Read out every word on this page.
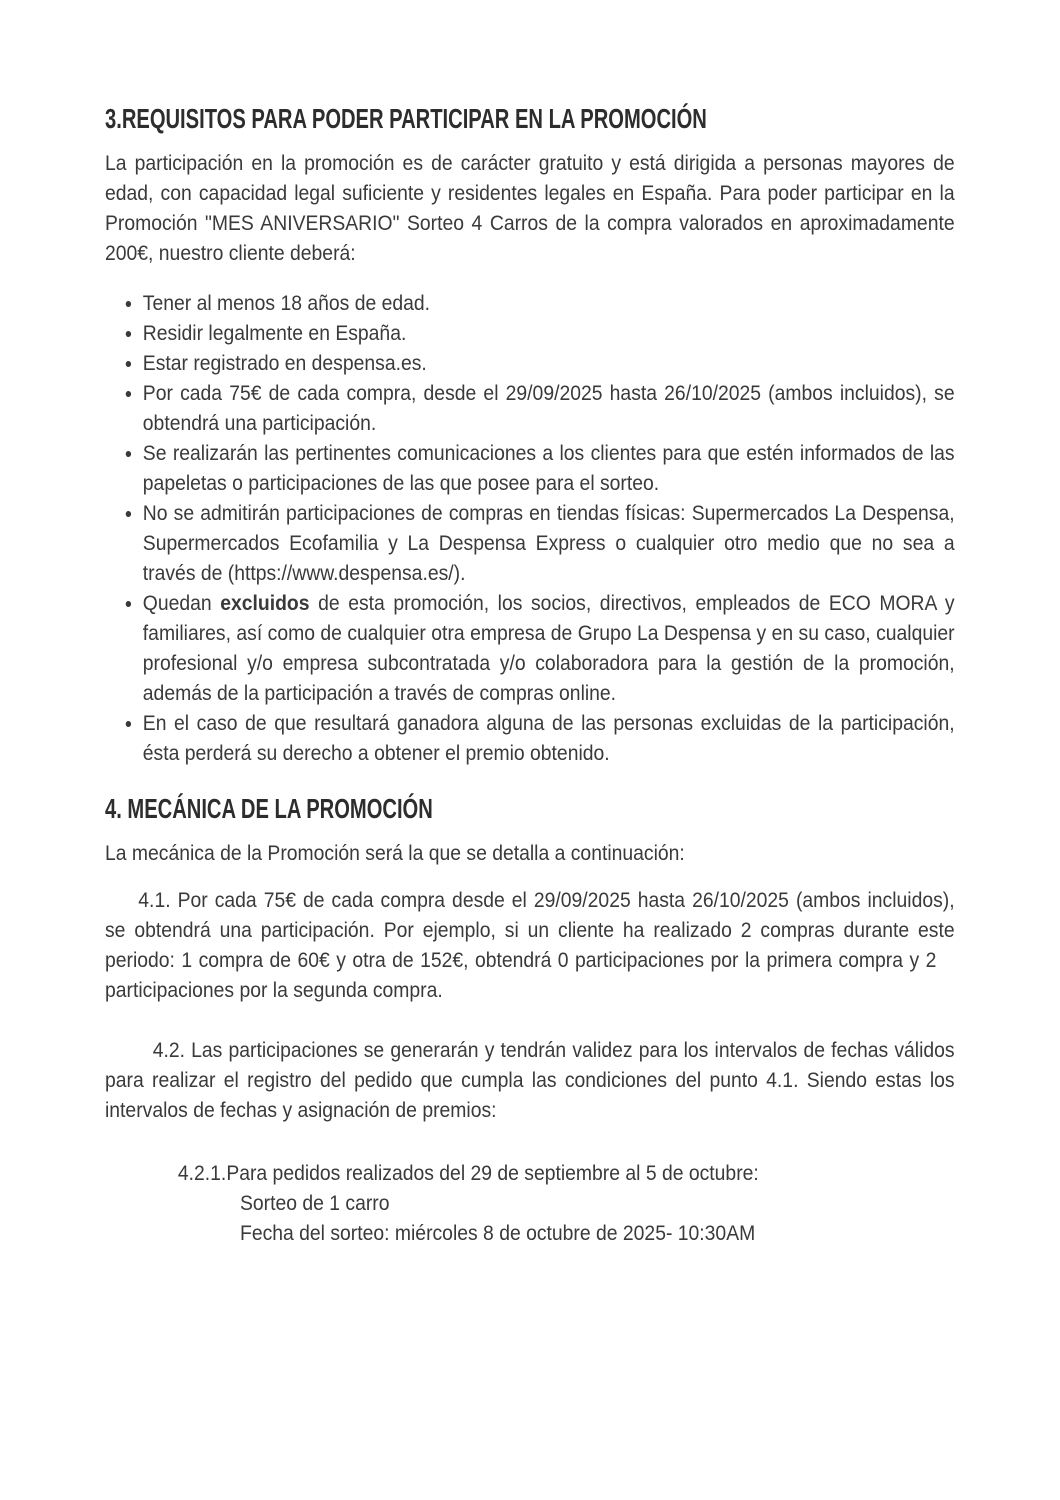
3.REQUISITOS PARA PODER PARTICIPAR EN LA PROMOCIÓN

La participación en la promoción es de carácter gratuito y está dirigida a personas mayores de edad, con capacidad legal suficiente y residentes legales en España. Para poder participar en la Promoción "MES ANIVERSARIO" Sorteo 4 Carros de la compra valorados en aproximadamente 200€, nuestro cliente deberá:

• Tener al menos 18 años de edad.
• Residir legalmente en España.
• Estar registrado en despensa.es.
• Por cada 75€ de cada compra, desde el 29/09/2025 hasta 26/10/2025 (ambos incluidos), se obtendrá una participación.
• Se realizarán las pertinentes comunicaciones a los clientes para que estén informados de las papeletas o participaciones de las que posee para el sorteo.
• No se admitirán participaciones de compras en tiendas físicas: Supermercados La Despensa, Supermercados Ecofamilia y La Despensa Express o cualquier otro medio que no sea a través de (https://www.despensa.es/).
• Quedan excluidos de esta promoción, los socios, directivos, empleados de ECO MORA y familiares, así como de cualquier otra empresa de Grupo La Despensa y en su caso, cualquier profesional y/o empresa subcontratada y/o colaboradora para la gestión de la promoción, además de la participación a través de compras online.
• En el caso de que resultará ganadora alguna de las personas excluidas de la participación, ésta perderá su derecho a obtener el premio obtenido.
4. MECÁNICA DE LA PROMOCIÓN

La mecánica de la Promoción será la que se detalla a continuación:

4.1. Por cada 75€ de cada compra desde el 29/09/2025 hasta 26/10/2025 (ambos incluidos), se obtendrá una participación. Por ejemplo, si un cliente ha realizado 2 compras durante este periodo: 1 compra de 60€ y otra de 152€, obtendrá 0 participaciones por la primera compra y 2    participaciones por la segunda compra.

4.2. Las participaciones se generarán y tendrán validez para los intervalos de fechas válidos para realizar el registro del pedido que cumpla las condiciones del punto 4.1. Siendo estas los intervalos de fechas y asignación de premios:

4.2.1.Para pedidos realizados del 29 de septiembre al 5 de octubre:

Sorteo de 1 carro

Fecha del sorteo: miércoles 8 de octubre de 2025- 10:30AM
